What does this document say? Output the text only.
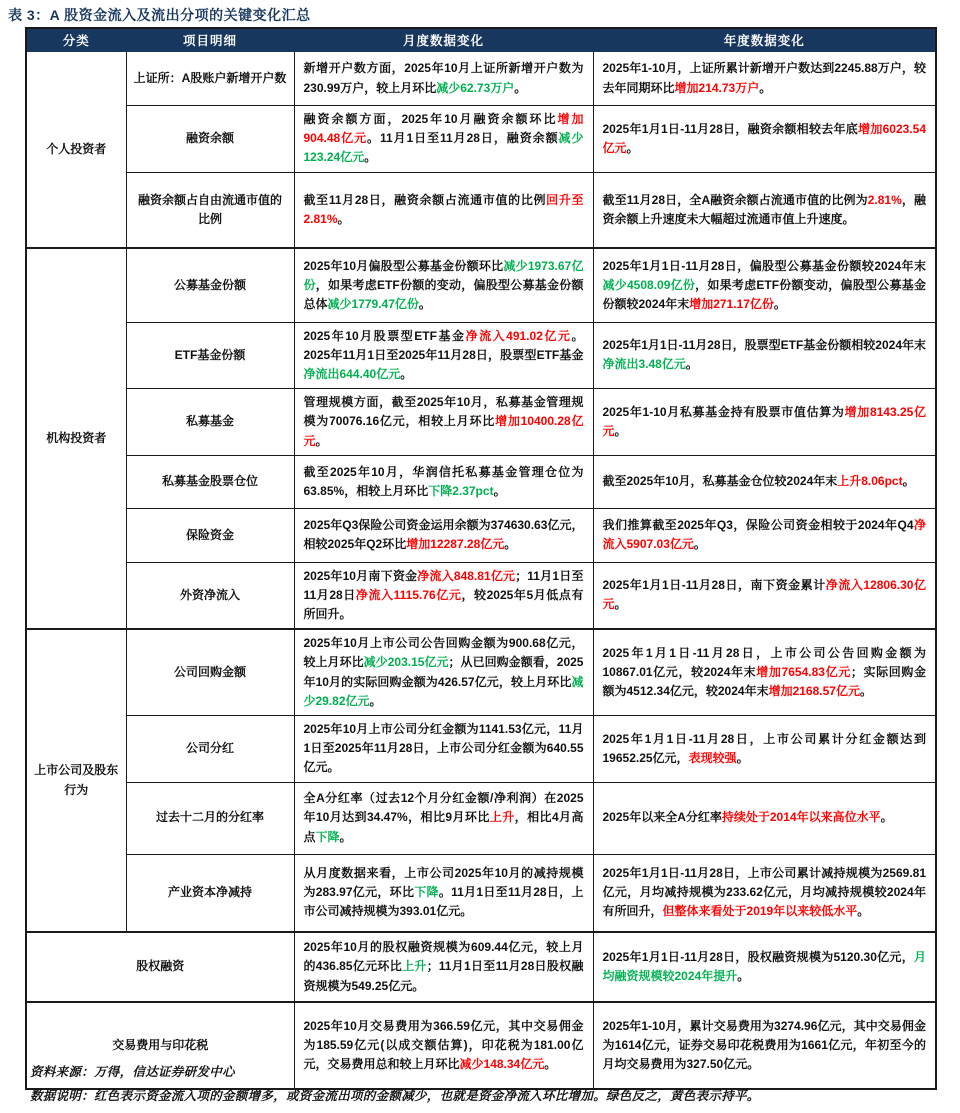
表 3：A 股资金流入及流出分项的关键变化汇总
分类	项目明细	月度数据变化	年度数据变化
个人投资者	上证所：A股账户新增开户数	新增开户数方面，2025年10月上证所新增开户数为230.99万户，较上月环比减少62.73万户。	2025年1-10月，上证所累计新增开户数达到2245.88万户，较去年同期环比增加214.73万户。
	融资余额	融资余额方面，2025年10月融资余额环比增加904.48亿元。11月1日至11月28日，融资余额减少123.24亿元。	2025年1月1日-11月28日，融资余额相较去年底增加6023.54亿元。
	融资余额占自由流通市值的比例	截至11月28日，融资余额占流通市值的比例回升至2.81%。	截至11月28日，全A融资余额占流通市值的比例为2.81%，融资余额上升速度未大幅超过流通市值上升速度。
机构投资者	公募基金份额	2025年10月偏股型公募基金份额环比减少1973.67亿份，如果考虑ETF份额的变动，偏股型公募基金份额总体减少1779.47亿份。	2025年1月1日-11月28日，偏股型公募基金份额较2024年末减少4508.09亿份，如果考虑ETF份额变动，偏股型公募基金份额较2024年末增加271.17亿份。
	ETF基金份额	2025年10月股票型ETF基金净流入491.02亿元。2025年11月1日至2025年11月28日，股票型ETF基金净流出644.40亿元。	2025年1月1日-11月28日，股票型ETF基金份额相较2024年末净流出3.48亿元。
	私募基金	管理规模方面，截至2025年10月，私募基金管理规模为70076.16亿元，相较上月环比增加10400.28亿元。	2025年1-10月私募基金持有股票市值估算为增加8143.25亿元。
	私募基金股票仓位	截至2025年10月，华润信托私募基金管理仓位为63.85%，相较上月环比下降2.37pct。	截至2025年10月，私募基金仓位较2024年末上升8.06pct。
	保险资金	2025年Q3保险公司资金运用余额为374630.63亿元，相较2025年Q2环比增加12287.28亿元。	我们推算截至2025年Q3，保险公司资金相较于2024年Q4净流入5907.03亿元。
	外资净流入	2025年10月南下资金净流入848.81亿元；11月1日至11月28日净流入1115.76亿元，较2025年5月低点有所回升。	2025年1月1日-11月28日，南下资金累计净流入12806.30亿元。
上市公司及股东行为	公司回购金额	2025年10月上市公司公告回购金额为900.68亿元，较上月环比减少203.15亿元；从已回购金额看，2025年10月的实际回购金额为426.57亿元，较上月环比减少29.82亿元。	2025年1月1日-11月28日，上市公司公告回购金额为10867.01亿元，较2024年末增加7654.83亿元；实际回购金额为4512.34亿元，较2024年末增加2168.57亿元。
	公司分红	2025年10月上市公司分红金额为1141.53亿元，11月1日至2025年11月28日，上市公司分红金额为640.55亿元。	2025年1月1日-11月28日，上市公司累计分红金额达到19652.25亿元，表现较强。
	过去十二月的分红率	全A分红率（过去12个月分红金额/净利润）在2025年10月达到34.47%，相比9月环比上升，相比4月高点下降。	2025年以来全A分红率持续处于2014年以来高位水平。
	产业资本净减持	从月度数据来看，上市公司2025年10月的减持规模为283.97亿元，环比下降。11月1日至11月28日，上市公司减持规模为393.01亿元。	2025年1月1日-11月28日，上市公司累计减持规模为2569.81亿元，月均减持规模为233.62亿元，月均减持规模较2024年有所回升，但整体来看处于2019年以来较低水平。
股权融资		2025年10月的股权融资规模为609.44亿元，较上月的436.85亿元环比上升；11月1日至11月28日股权融资规模为549.25亿元。	2025年1月1日-11月28日，股权融资规模为5120.30亿元，月均融资规模较2024年提升。
交易费用与印花税		2025年10月交易费用为366.59亿元，其中交易佣金为185.59亿元(以成交额估算)，印花税为181.00亿元，交易费用总和较上月环比减少148.34亿元。	2025年1-10月，累计交易费用为3274.96亿元，其中交易佣金为1614亿元，证券交易印花税费用为1661亿元，年初至今的月均交易费用为327.50亿元。
资料来源：万得，信达证券研发中心
数据说明：红色表示资金流入项的金额增多，或资金流出项的金额减少，也就是资金净流入环比增加。绿色反之，黄色表示持平。
